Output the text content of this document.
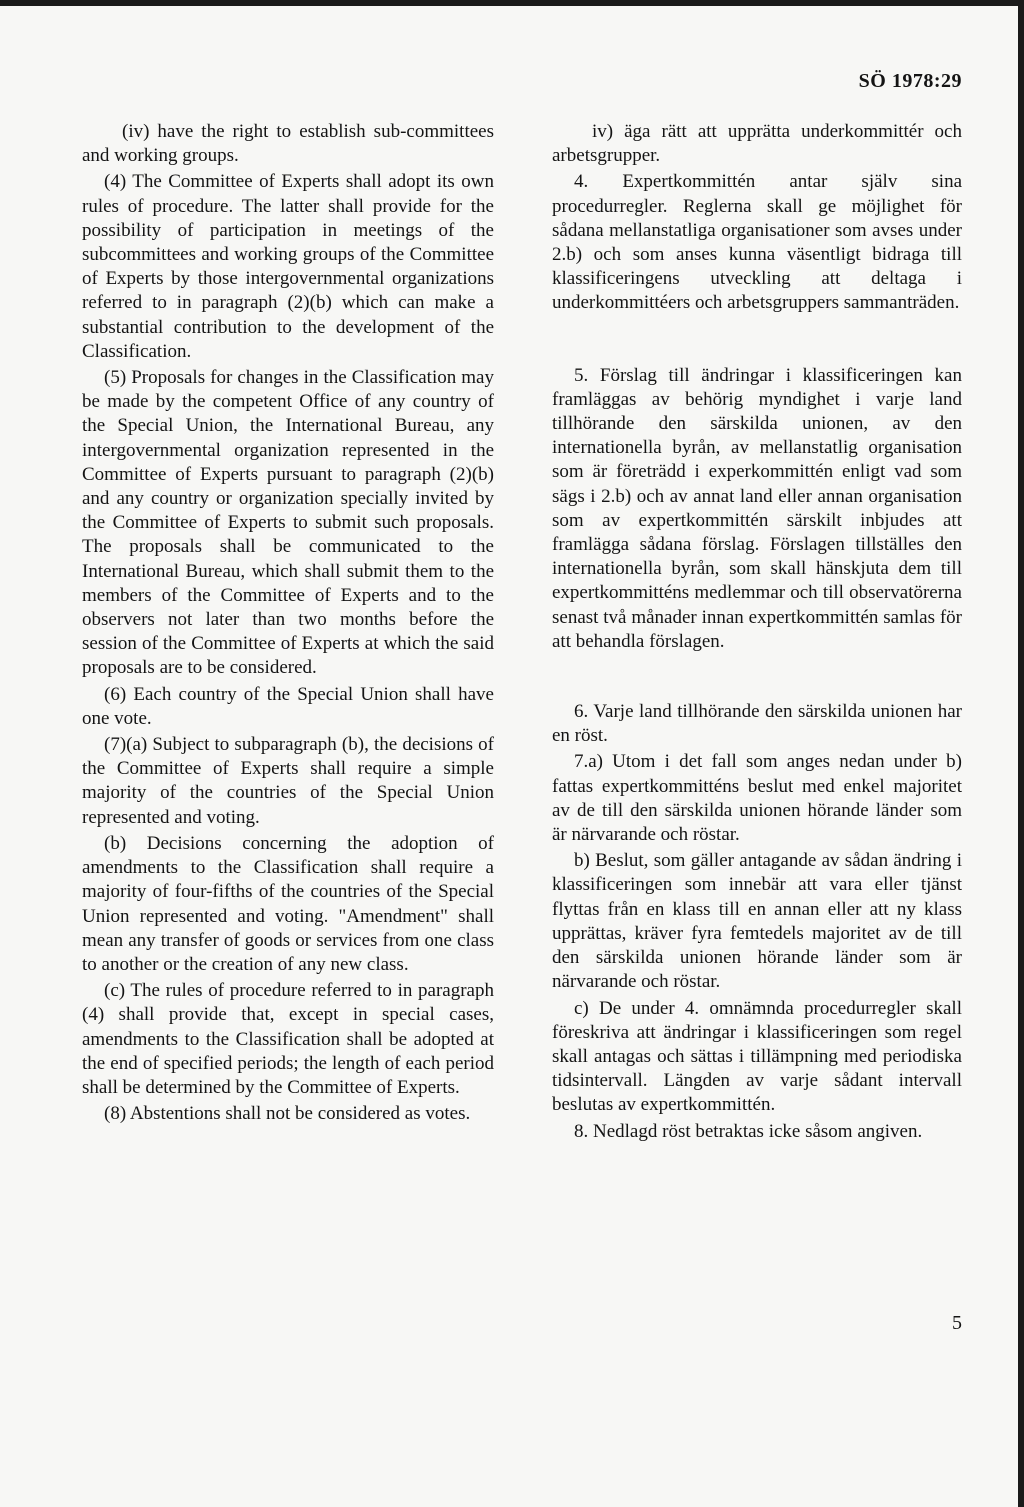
SÖ 1978:29

(iv) have the right to establish sub-committees and working groups.

(4) The Committee of Experts shall adopt its own rules of procedure. The latter shall provide for the possibility of participation in meetings of the subcommittees and working groups of the Committee of Experts by those intergovernmental organizations referred to in paragraph (2)(b) which can make a substantial contribution to the development of the Classification.

(5) Proposals for changes in the Classification may be made by the competent Office of any country of the Special Union, the International Bureau, any intergovernmental organization represented in the Committee of Experts pursuant to paragraph (2)(b) and any country or organization specially invited by the Committee of Experts to submit such proposals. The proposals shall be communicated to the International Bureau, which shall submit them to the members of the Committee of Experts and to the observers not later than two months before the session of the Committee of Experts at which the said proposals are to be considered.

(6) Each country of the Special Union shall have one vote.

(7)(a) Subject to subparagraph (b), the decisions of the Committee of Experts shall require a simple majority of the countries of the Special Union represented and voting.

(b) Decisions concerning the adoption of amendments to the Classification shall require a majority of four-fifths of the countries of the Special Union represented and voting. "Amendment" shall mean any transfer of goods or services from one class to another or the creation of any new class.

(c) The rules of procedure referred to in paragraph (4) shall provide that, except in special cases, amendments to the Classification shall be adopted at the end of specified periods; the length of each period shall be determined by the Committee of Experts.

(8) Abstentions shall not be considered as votes.

iv) äga rätt att upprätta underkommittér och arbetsgrupper.

4. Expertkommittén antar själv sina procedurregler. Reglerna skall ge möjlighet för sådana mellanstatliga organisationer som avses under 2.b) och som anses kunna väsentligt bidraga till klassificeringens utveckling att deltaga i underkommittéers och arbetsgruppers sammanträden.

5. Förslag till ändringar i klassificeringen kan framläggas av behörig myndighet i varje land tillhörande den särskilda unionen, av den internationella byrån, av mellanstatlig organisation som är företrädd i experkommittén enligt vad som sägs i 2.b) och av annat land eller annan organisation som av expertkommittén särskilt inbjudes att framlägga sådana förslag. Förslagen tillställes den internationella byrån, som skall hänskjuta dem till expertkommitténs medlemmar och till observatörerna senast två månader innan expertkommittén samlas för att behandla förslagen.

6. Varje land tillhörande den särskilda unionen har en röst.

7.a) Utom i det fall som anges nedan under b) fattas expertkommitténs beslut med enkel majoritet av de till den särskilda unionen hörande länder som är närvarande och röstar.

b) Beslut, som gäller antagande av sådan ändring i klassificeringen som innebär att vara eller tjänst flyttas från en klass till en annan eller att ny klass upprättas, kräver fyra femtedels majoritet av de till den särskilda unionen hörande länder som är närvarande och röstar.

c) De under 4. omnämnda procedurregler skall föreskriva att ändringar i klassificeringen som regel skall antagas och sättas i tillämpning med periodiska tidsintervall. Längden av varje sådant intervall beslutas av expertkommittén.

8. Nedlagd röst betraktas icke såsom angiven.

5
